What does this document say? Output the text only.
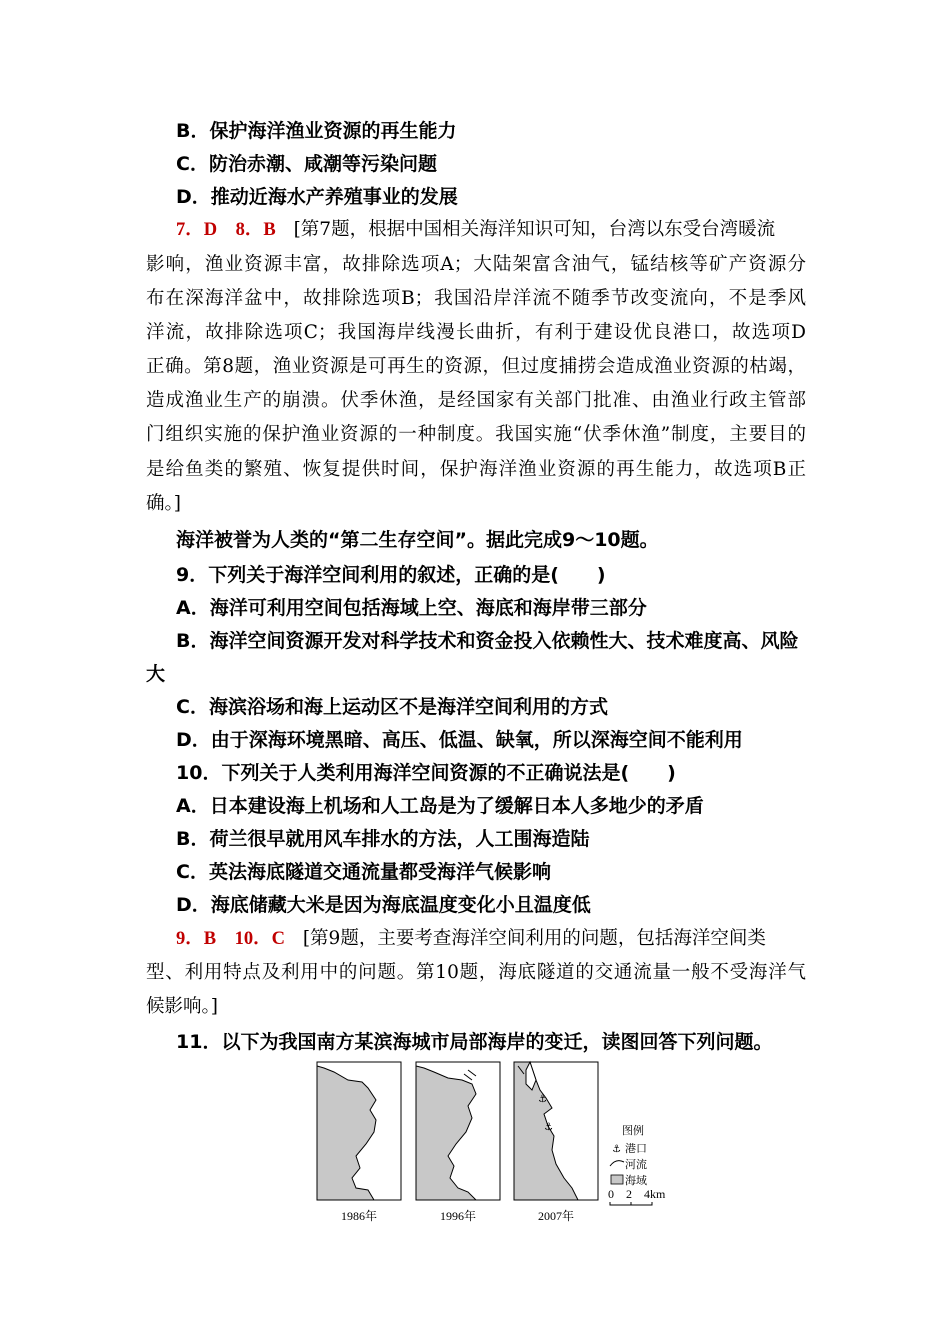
B．保护海洋渔业资源的再生能力
C．防治赤潮、咸潮等污染问题
D．推动近海水产养殖事业的发展
7．D　8．B [第7题，根据中国相关海洋知识可知，台湾以东受台湾暖流
影响，渔业资源丰富，故排除选项A；大陆架富含油气，锰结核等矿产资源分
布在深海洋盆中，故排除选项B；我国沿岸洋流不随季节改变流向，不是季风
洋流，故排除选项C；我国海岸线漫长曲折，有利于建设优良港口，故选项D
正确。第8题，渔业资源是可再生的资源，但过度捕捞会造成渔业资源的枯竭，
造成渔业生产的崩溃。伏季休渔，是经国家有关部门批准、由渔业行政主管部
门组织实施的保护渔业资源的一种制度。我国实施“伏季休渔”制度，主要目的
是给鱼类的繁殖、恢复提供时间，保护海洋渔业资源的再生能力，故选项B正
确。]
海洋被誉为人类的“第二生存空间”。据此完成9～10题。
9．下列关于海洋空间利用的叙述，正确的是(　　)
A．海洋可利用空间包括海域上空、海底和海岸带三部分
B．海洋空间资源开发对科学技术和资金投入依赖性大、技术难度高、风险
大
C．海滨浴场和海上运动区不是海洋空间利用的方式
D．由于深海环境黑暗、高压、低温、缺氧，所以深海空间不能利用
10．下列关于人类利用海洋空间资源的不正确说法是(　　)
A．日本建设海上机场和人工岛是为了缓解日本人多地少的矛盾
B．荷兰很早就用风车排水的方法，人工围海造陆
C．英法海底隧道交通流量都受海洋气候影响
D．海底储藏大米是因为海底温度变化小且温度低
9．B　10．C [第9题，主要考查海洋空间利用的问题，包括海洋空间类
型、利用特点及利用中的问题。第10题，海底隧道的交通流量一般不受海洋气
候影响。]
11．以下为我国南方某滨海城市局部海岸的变迁，读图回答下列问题。
1986年	1996年
⚓
⚓
2007年
图例
⚓ 港口
河流
海域
0　2　4km
